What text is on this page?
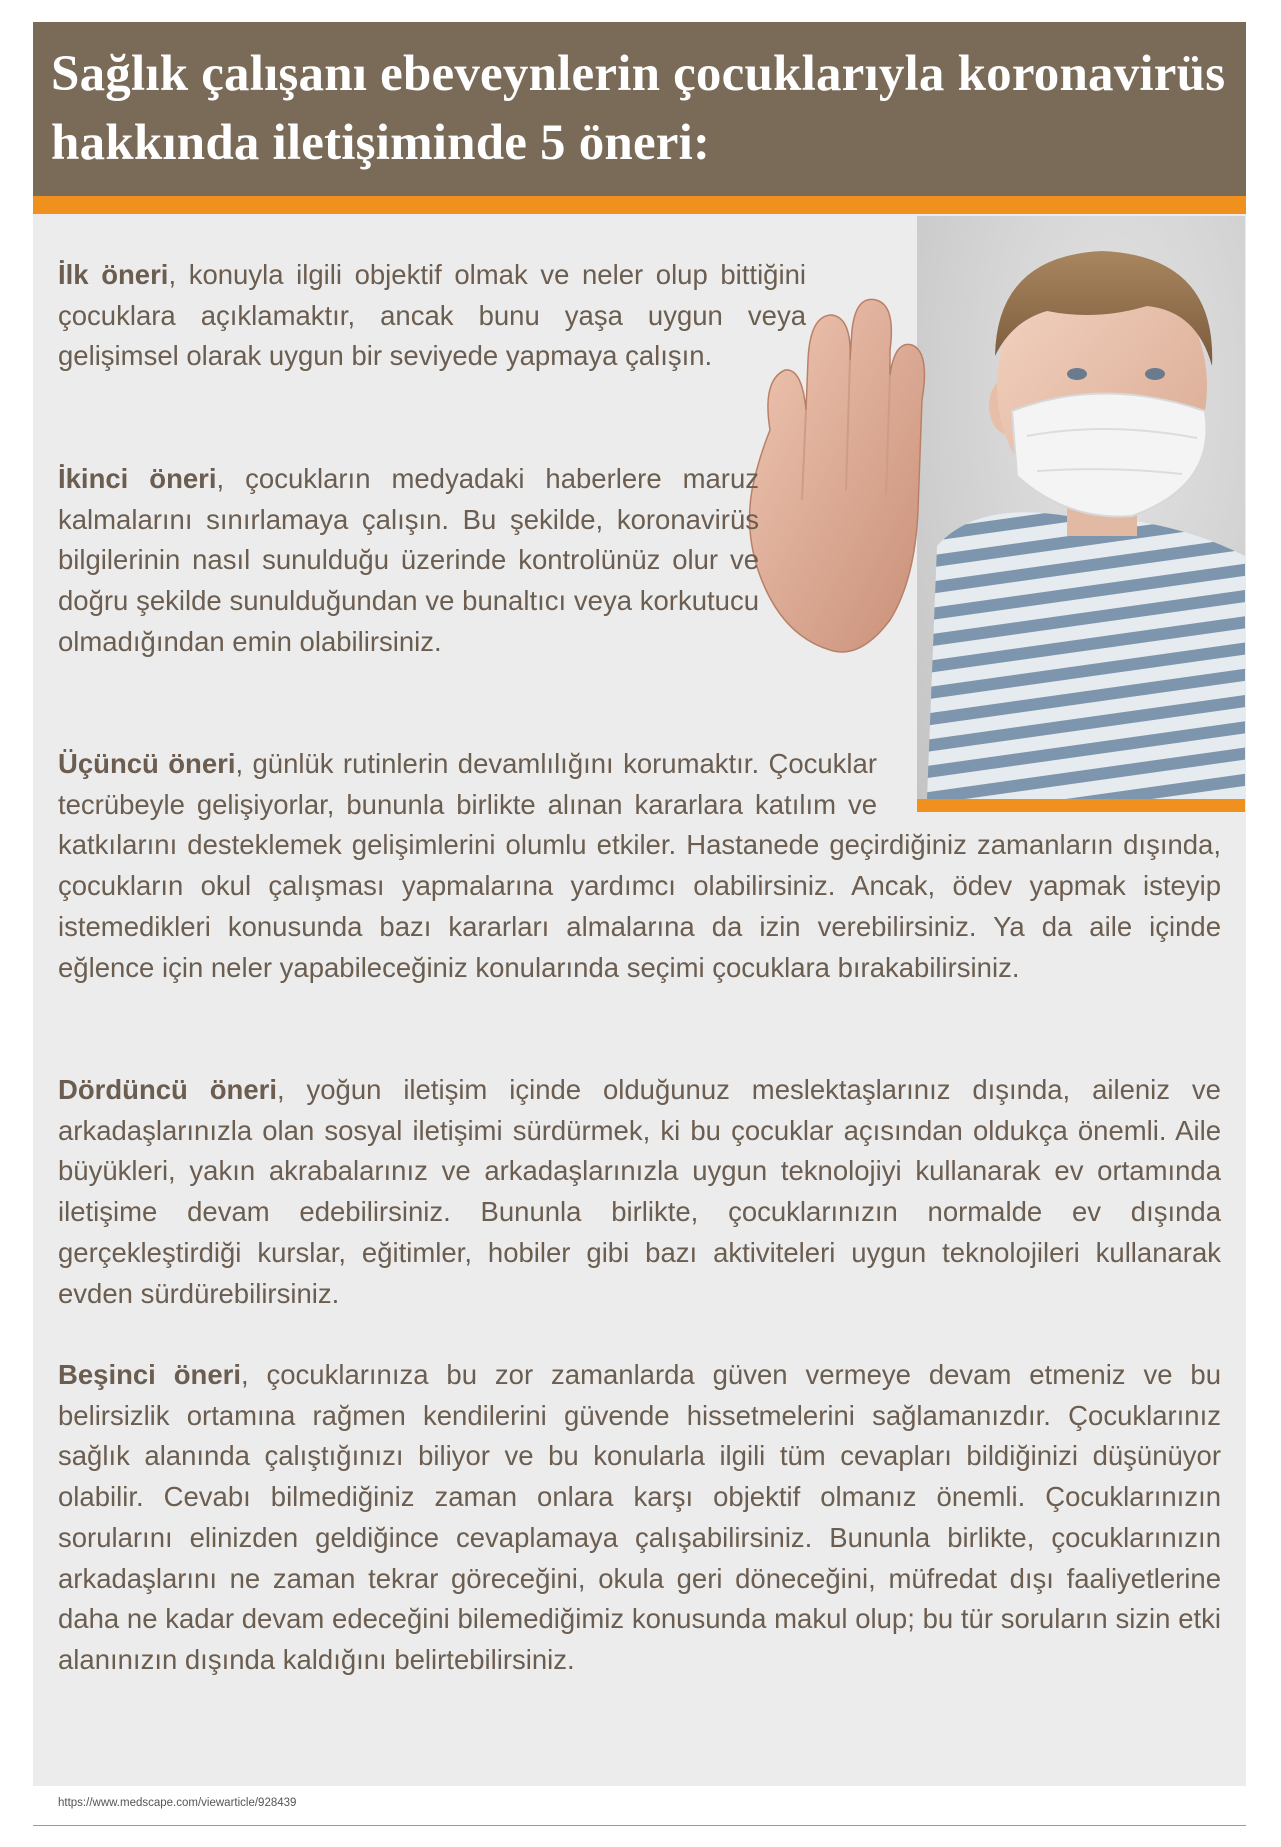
Sağlık çalışanı ebeveynlerin çocuklarıyla koronavirüs hakkında iletişiminde 5 öneri:

İlk öneri, konuyla ilgili objektif olmak ve neler olup bittiğini çocuklara açıklamaktır, ancak bunu yaşa uygun veya gelişimsel olarak uygun bir seviyede yapmaya çalışın.

İkinci öneri, çocukların medyadaki haberlere maruz kalmalarını sınırlamaya çalışın. Bu şekilde, koronavirüs bilgilerinin nasıl sunulduğu üzerinde kontrolünüz olur ve doğru şekilde sunulduğundan ve bunaltıcı veya korkutucu olmadığından emin olabilirsiniz.

Üçüncü öneri, günlük rutinlerin devamlılığını korumaktır. Çocuklar tecrübeyle gelişiyorlar, bununla birlikte alınan kararlara katılım ve katkılarını desteklemek gelişimlerini olumlu etkiler. Hastanede geçirdiğiniz zamanların dışında, çocukların okul çalışması yapmalarına yardımcı olabilirsiniz. Ancak, ödev yapmak isteyip istemedikleri konusunda bazı kararları almalarına da izin verebilirsiniz. Ya da aile içinde eğlence için neler yapabileceğiniz konularında seçimi çocuklara bırakabilirsiniz.

Dördüncü öneri, yoğun iletişim içinde olduğunuz meslektaşlarınız dışında, aileniz ve arkadaşlarınızla olan sosyal iletişimi sürdürmek, ki bu çocuklar açısından oldukça önemli. Aile büyükleri, yakın akrabalarınız ve arkadaşlarınızla uygun teknolojiyi kullanarak ev ortamında iletişime devam edebilirsiniz. Bununla birlikte, çocuklarınızın normalde ev dışında gerçekleştirdiği kurslar, eğitimler, hobiler gibi bazı aktiviteleri uygun teknolojileri kullanarak evden sürdürebilirsiniz.

Beşinci öneri, çocuklarınıza bu zor zamanlarda güven vermeye devam etmeniz ve bu belirsizlik ortamına rağmen kendilerini güvende hissetmelerini sağlamanızdır. Çocuklarınız sağlık alanında çalıştığınızı biliyor ve bu konularla ilgili tüm cevapları bildiğinizi düşünüyor olabilir. Cevabı bilmediğiniz zaman onlara karşı objektif olmanız önemli. Çocuklarınızın sorularını elinizden geldiğince cevaplamaya çalışabilirsiniz. Bununla birlikte, çocuklarınızın arkadaşlarını ne zaman tekrar göreceğini, okula geri döneceğini, müfredat dışı faaliyetlerine daha ne kadar devam edeceğini bilemediğimiz konusunda makul olup; bu tür soruların sizin etki alanınızın dışında kaldığını belirtebilirsiniz.

https://www.medscape.com/viewarticle/928439
